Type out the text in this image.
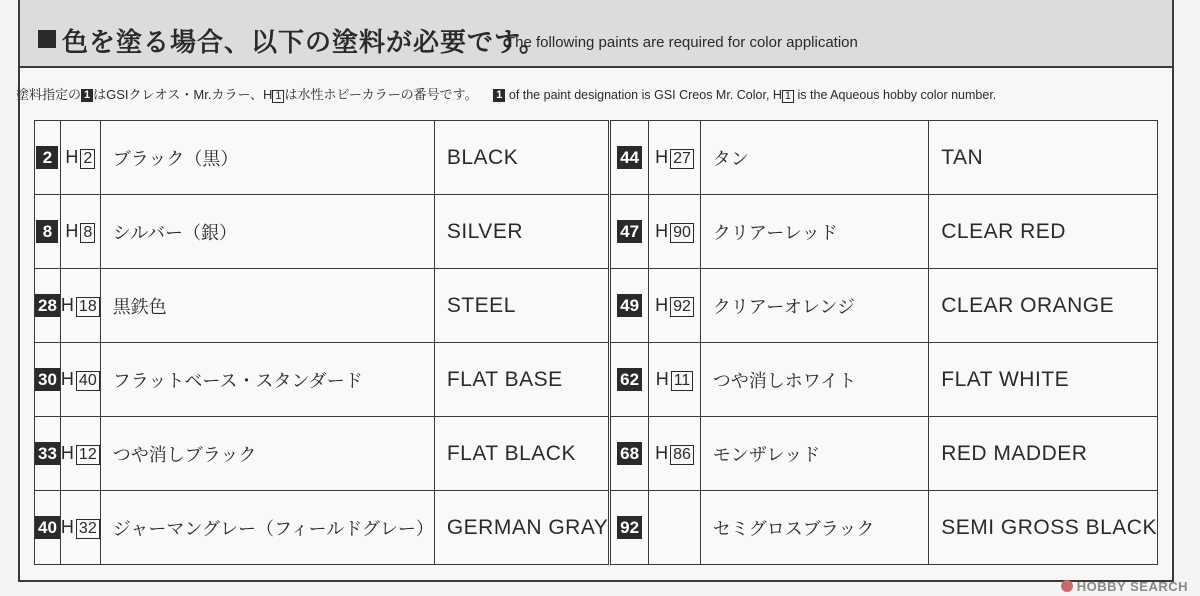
色を塗る場合、以下の塗料が必要です。
The following paints are required for color application
塗料指定の 1 はGSIクレオス・Mr.カラー、H 1 は水性ホビーカラーの番号です。 1 of the paint designation is GSI Creos Mr. Color, H 1 is the Aqueous hobby color number.
2	H 2	ブラック（黒）	BLACK
8	H 8	シルバー（銀）	SILVER
28	H 18	黒鉄色	STEEL
30	H 40	フラットベース・スタンダード	FLAT BASE
33	H 12	つや消しブラック	FLAT BLACK
40	H 32	ジャーマングレー（フィールドグレー）	GERMAN GRAY
44	H 27	タン	TAN
47	H 90	クリアーレッド	CLEAR RED
49	H 92	クリアーオレンジ	CLEAR ORANGE
62	H 11	つや消しホワイト	FLAT WHITE
68	H 86	モンザレッド	RED MADDER
92		セミグロスブラック	SEMI GROSS BLACK
HOBBY SEARCH
